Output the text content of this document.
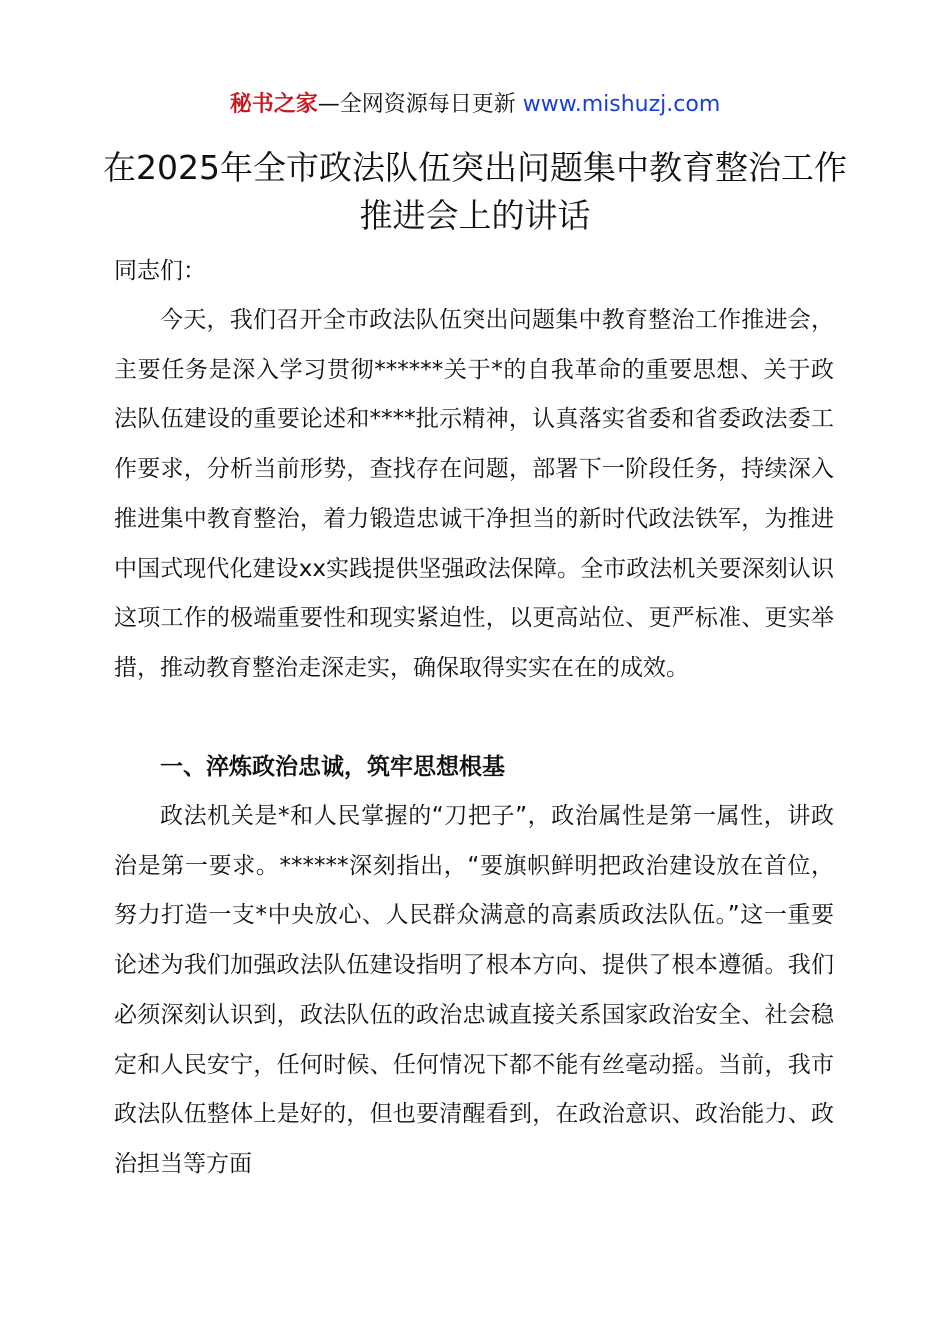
秘书之家—全网资源每日更新 www.mishuzj.com
在2025年全市政法队伍突出问题集中教育整治工作推进会上的讲话

同志们：

今天，我们召开全市政法队伍突出问题集中教育整治工作推进会，主要任务是深入学习贯彻******关于*的自我革命的重要思想、关于政法队伍建设的重要论述和****批示精神，认真落实省委和省委政法委工作要求，分析当前形势，查找存在问题，部署下一阶段任务，持续深入推进集中教育整治，着力锻造忠诚干净担当的新时代政法铁军，为推进中国式现代化建设xx实践提供坚强政法保障。全市政法机关要深刻认识这项工作的极端重要性和现实紧迫性，以更高站位、更严标准、更实举措，推动教育整治走深走实，确保取得实实在在的成效。

一、淬炼政治忠诚，筑牢思想根基

政法机关是*和人民掌握的“刀把子”，政治属性是第一属性，讲政治是第一要求。******深刻指出，“要旗帜鲜明把政治建设放在首位，努力打造一支*中央放心、人民群众满意的高素质政法队伍。”这一重要论述为我们加强政法队伍建设指明了根本方向、提供了根本遵循。我们必须深刻认识到，政法队伍的政治忠诚直接关系国家政治安全、社会稳定和人民安宁，任何时候、任何情况下都不能有丝毫动摇。当前，我市政法队伍整体上是好的，但也要清醒看到，在政治意识、政治能力、政治担当等方面
